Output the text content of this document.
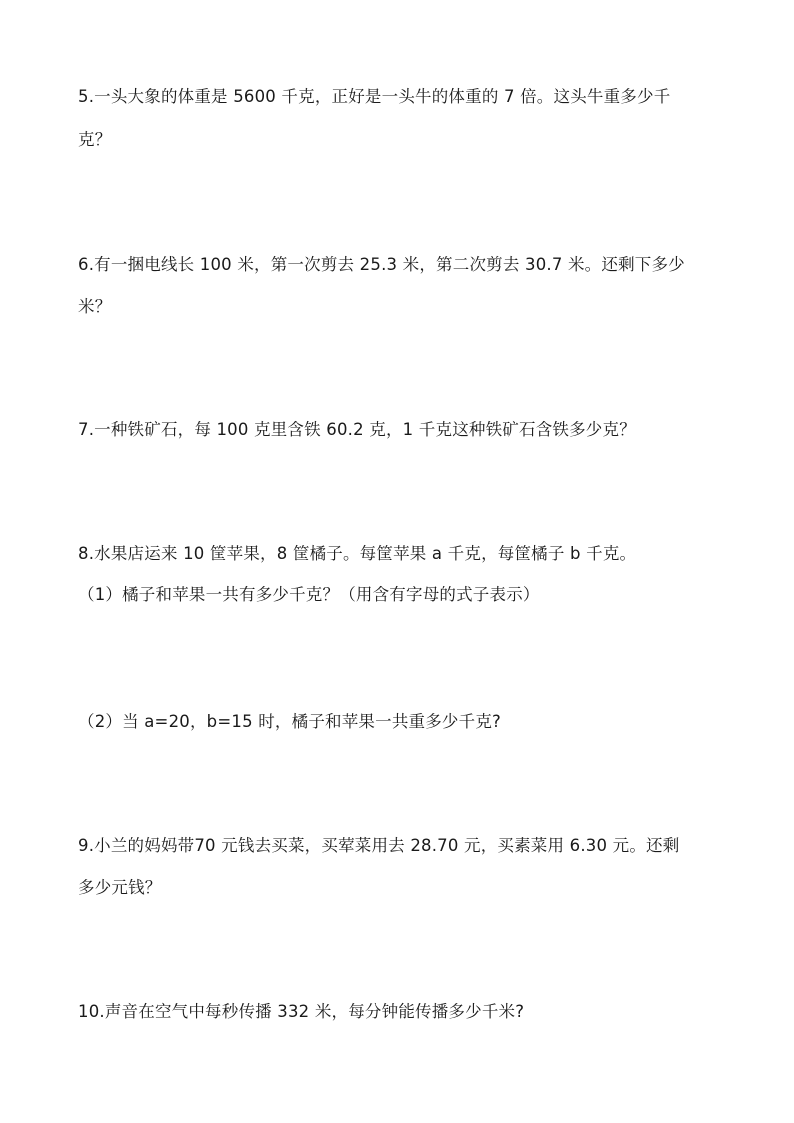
5.一头大象的体重是 5600 千克，正好是一头牛的体重的 7 倍。这头牛重多少千
克？
6.有一捆电线长 100 米，第一次剪去 25.3 米，第二次剪去 30.7 米。还剩下多少
米？
7.一种铁矿石，每 100 克里含铁 60.2 克，1 千克这种铁矿石含铁多少克？
8.水果店运来 10 筐苹果，8 筐橘子。每筐苹果 a 千克，每筐橘子 b 千克。
（1）橘子和苹果一共有多少千克？（用含有字母的式子表示）
（2）当 a=20，b=15 时，橘子和苹果一共重多少千克?
9.小兰的妈妈带70 元钱去买菜，买荤菜用去 28.70 元，买素菜用 6.30 元。还剩
多少元钱？
10.声音在空气中每秒传播 332 米，每分钟能传播多少千米?
